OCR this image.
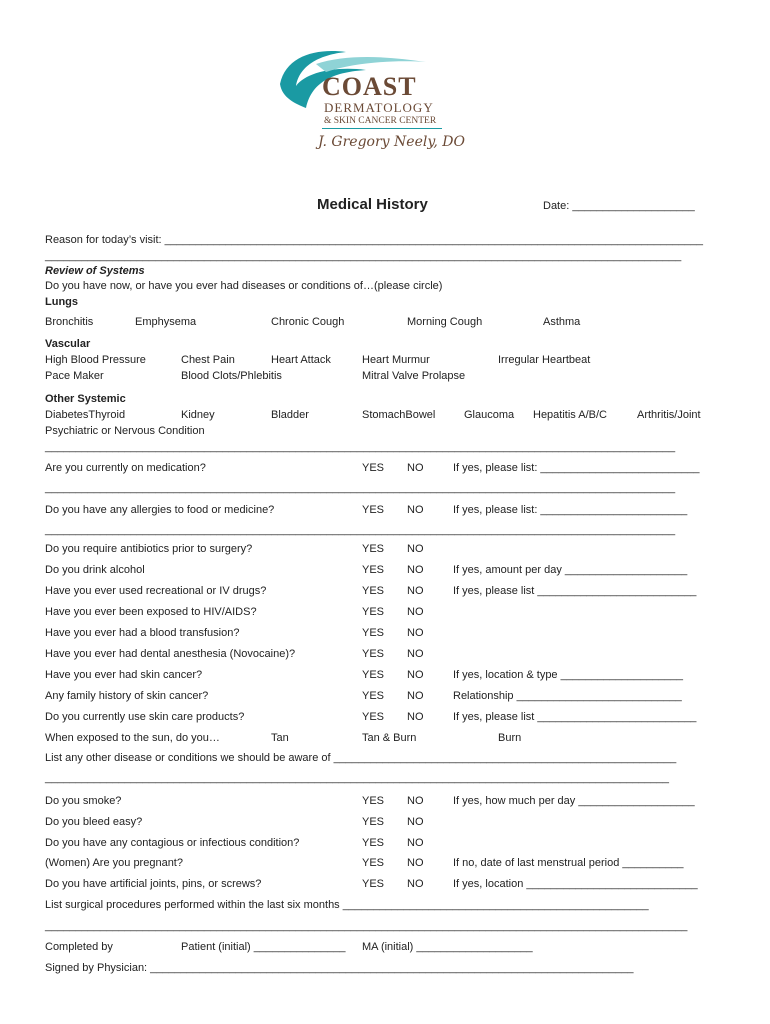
COAST
DERMATOLOGY
& SKIN CANCER CENTER
J. Gregory Neely, DO
Medical History	Date: ____________________
Reason for today’s visit: ________________________________________________________________________________________
________________________________________________________________________________________________________
Review of Systems
Do you have now, or have you ever had diseases or conditions of…(please circle)
Lungs
Bronchitis	Emphysema	Chronic Cough	Morning Cough	Asthma
Vascular
High Blood Pressure	Chest Pain	Heart Attack	Heart Murmur	Irregular Heartbeat
Pace Maker	Blood Clots/Phlebitis	Mitral Valve Prolapse
Other Systemic
DiabetesThyroid	Kidney	Bladder	StomachBowel	Glaucoma Hepatitis A/B/C	Arthritis/Joint
Psychiatric or Nervous Condition
_______________________________________________________________________________________________________
Are you currently on medication?	YES NO	If yes, please list: __________________________
Do you have any allergies to food or medicine?	YES NO	If yes, please list: ________________________
Do you require antibiotics prior to surgery?	YES NO
Do you drink alcohol	YES NO	If yes, amount per day ____________________
Have you ever used recreational or IV drugs?	YES NO	If yes, please list __________________________
Have you ever been exposed to HIV/AIDS?	YES NO
Have you ever had a blood transfusion?	YES NO
Have you ever had dental anesthesia (Novocaine)?	YES NO
Have you ever had skin cancer?	YES NO	If yes, location & type ____________________
Any family history of skin cancer?	YES NO	Relationship ___________________________
Do you currently use skin care products?	YES NO	If yes, please list __________________________
_______________________________________________________________________________________________________
_______________________________________________________________________________________________________
When exposed to the sun, do you…	Tan	Tan & Burn	Burn
List any other disease or conditions we should be aware of ________________________________________________________
______________________________________________________________________________________________________
Do you smoke?	YES NO	If yes, how much per day ___________________
Do you bleed easy?	YES NO
Do you have any contagious or infectious condition?	YES NO
(Women) Are you pregnant?	YES NO	If no, date of last menstrual period __________
Do you have artificial joints, pins, or screws?	YES NO	If yes, location ____________________________
List surgical procedures performed within the last six months __________________________________________________
_________________________________________________________________________________________________________
Completed by	Patient (initial) _______________ MA (initial) ___________________
Signed by Physician: _______________________________________________________________________________
